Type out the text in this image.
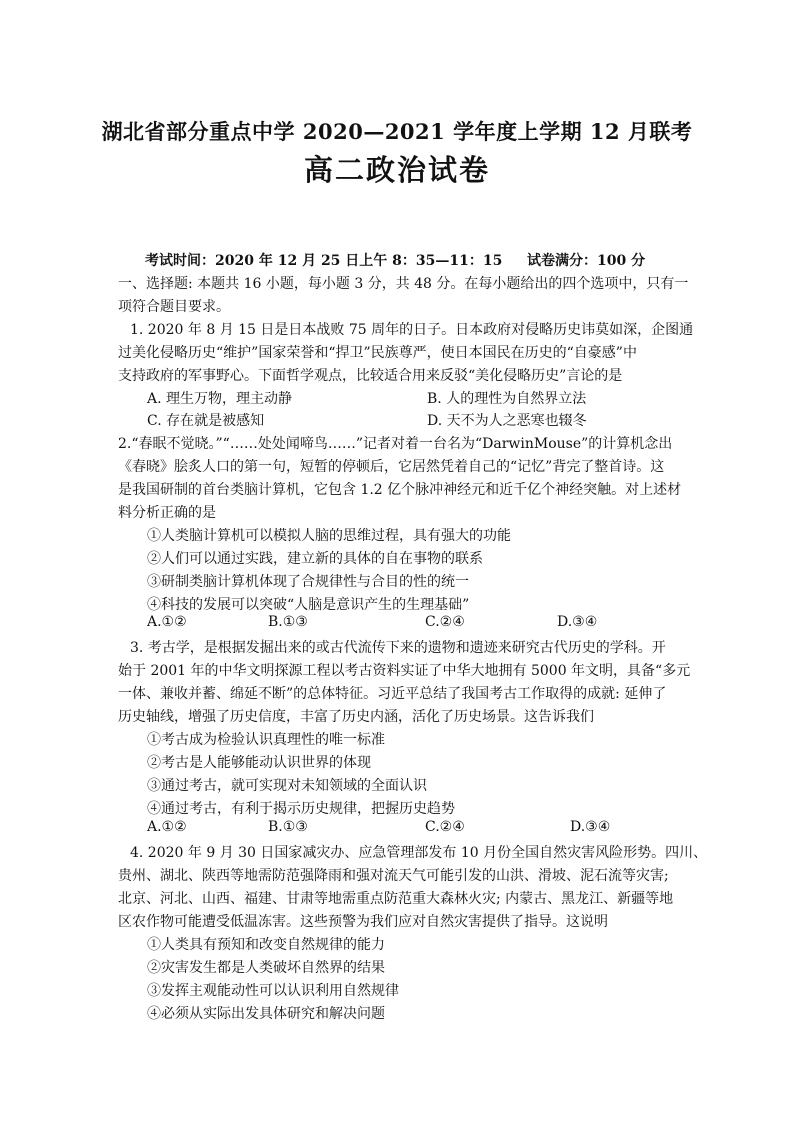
湖北省部分重点中学 2020—2021 学年度上学期 12 月联考
高二政治试卷
考试时间：2020 年 12 月 25 日上午 8：35—11：15 试卷满分：100 分
一、选择题: 本题共 16 小题，每小题 3 分，共 48 分。在每小题给出的四个选项中，只有一
项符合题目要求。
1. 2020 年 8 月 15 日是日本战败 75 周年的日子。日本政府对侵略历史讳莫如深，企图通
过美化侵略历史“维护”国家荣誉和“捍卫”民族尊严，使日本国民在历史的“自豪感”中
支持政府的军事野心。下面哲学观点，比较适合用来反驳“美化侵略历史”言论的是
A. 理生万物，理主动静	B. 人的理性为自然界立法
C. 存在就是被感知	D. 天不为人之恶寒也辍冬
2.“春眠不觉晓。”“……处处闻啼鸟……”记者对着一台名为“DarwinMouse”的计算机念出
《春晓》脍炙人口的第一句，短暂的停顿后，它居然凭着自己的“记忆”背完了整首诗。这
是我国研制的首台类脑计算机，它包含 1.2 亿个脉冲神经元和近千亿个神经突触。对上述材
料分析正确的是
①人类脑计算机可以模拟人脑的思维过程，具有强大的功能
②人们可以通过实践，建立新的具体的自在事物的联系
③研制类脑计算机体现了合规律性与合目的性的统一
④科技的发展可以突破“人脑是意识产生的生理基础”
A.①②	B.①③	C.②④	D.③④
3. 考古学，是根据发掘出来的或古代流传下来的遗物和遗迹来研究古代历史的学科。开
始于 2001 年的中华文明探源工程以考古资料实证了中华大地拥有 5000 年文明，具备“多元
一体、兼收并蓄、绵延不断”的总体特征。习近平总结了我国考古工作取得的成就: 延伸了
历史轴线，增强了历史信度，丰富了历史内涵，活化了历史场景。这告诉我们
①考古成为检验认识真理性的唯一标准
②考古是人能够能动认识世界的体现
③通过考古，就可实现对未知领域的全面认识
④通过考古，有利于揭示历史规律，把握历史趋势
A.①②	B.①③	C.②④	D.③④
4. 2020 年 9 月 30 日国家减灾办、应急管理部发布 10 月份全国自然灾害风险形势。四川、
贵州、湖北、陕西等地需防范强降雨和强对流天气可能引发的山洪、滑坡、泥石流等灾害;
北京、河北、山西、福建、甘肃等地需重点防范重大森林火灾; 内蒙古、黑龙江、新疆等地
区农作物可能遭受低温冻害。这些预警为我们应对自然灾害提供了指导。这说明
①人类具有预知和改变自然规律的能力
②灾害发生都是人类破坏自然界的结果
③发挥主观能动性可以认识利用自然规律
④必须从实际出发具体研究和解决问题
